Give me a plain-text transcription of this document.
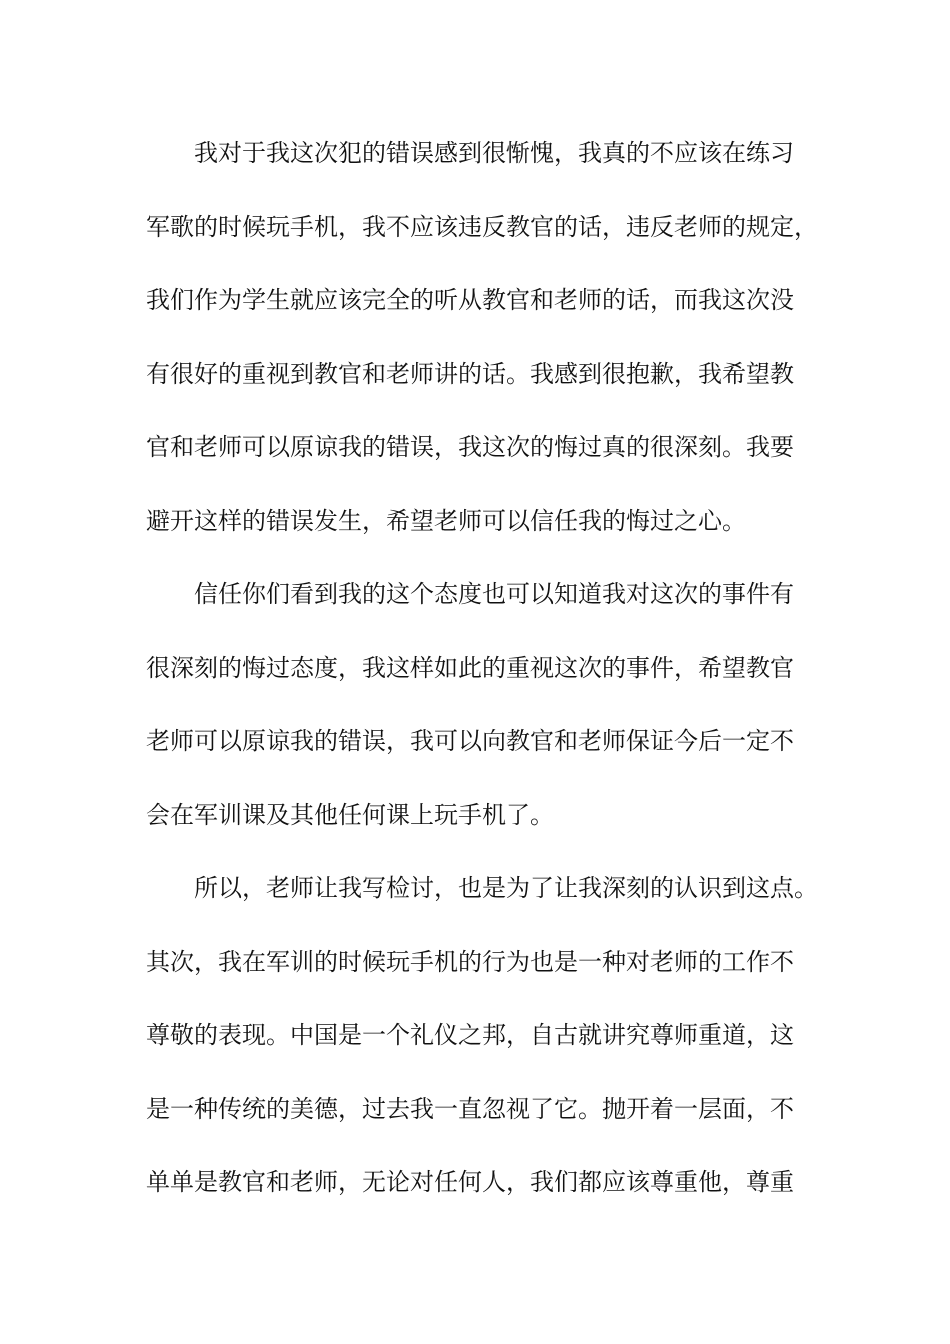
我对于我这次犯的错误感到很惭愧，我真的不应该在练习
军歌的时候玩手机，我不应该违反教官的话，违反老师的规定，
我们作为学生就应该完全的听从教官和老师的话，而我这次没
有很好的重视到教官和老师讲的话。我感到很抱歉，我希望教
官和老师可以原谅我的错误，我这次的悔过真的很深刻。我要
避开这样的错误发生，希望老师可以信任我的悔过之心。
信任你们看到我的这个态度也可以知道我对这次的事件有
很深刻的悔过态度，我这样如此的重视这次的事件，希望教官
老师可以原谅我的错误，我可以向教官和老师保证今后一定不
会在军训课及其他任何课上玩手机了。
所以，老师让我写检讨，也是为了让我深刻的认识到这点。
其次，我在军训的时候玩手机的行为也是一种对老师的工作不
尊敬的表现。中国是一个礼仪之邦，自古就讲究尊师重道，这
是一种传统的美德，过去我一直忽视了它。抛开着一层面，不
单单是教官和老师，无论对任何人，我们都应该尊重他，尊重
